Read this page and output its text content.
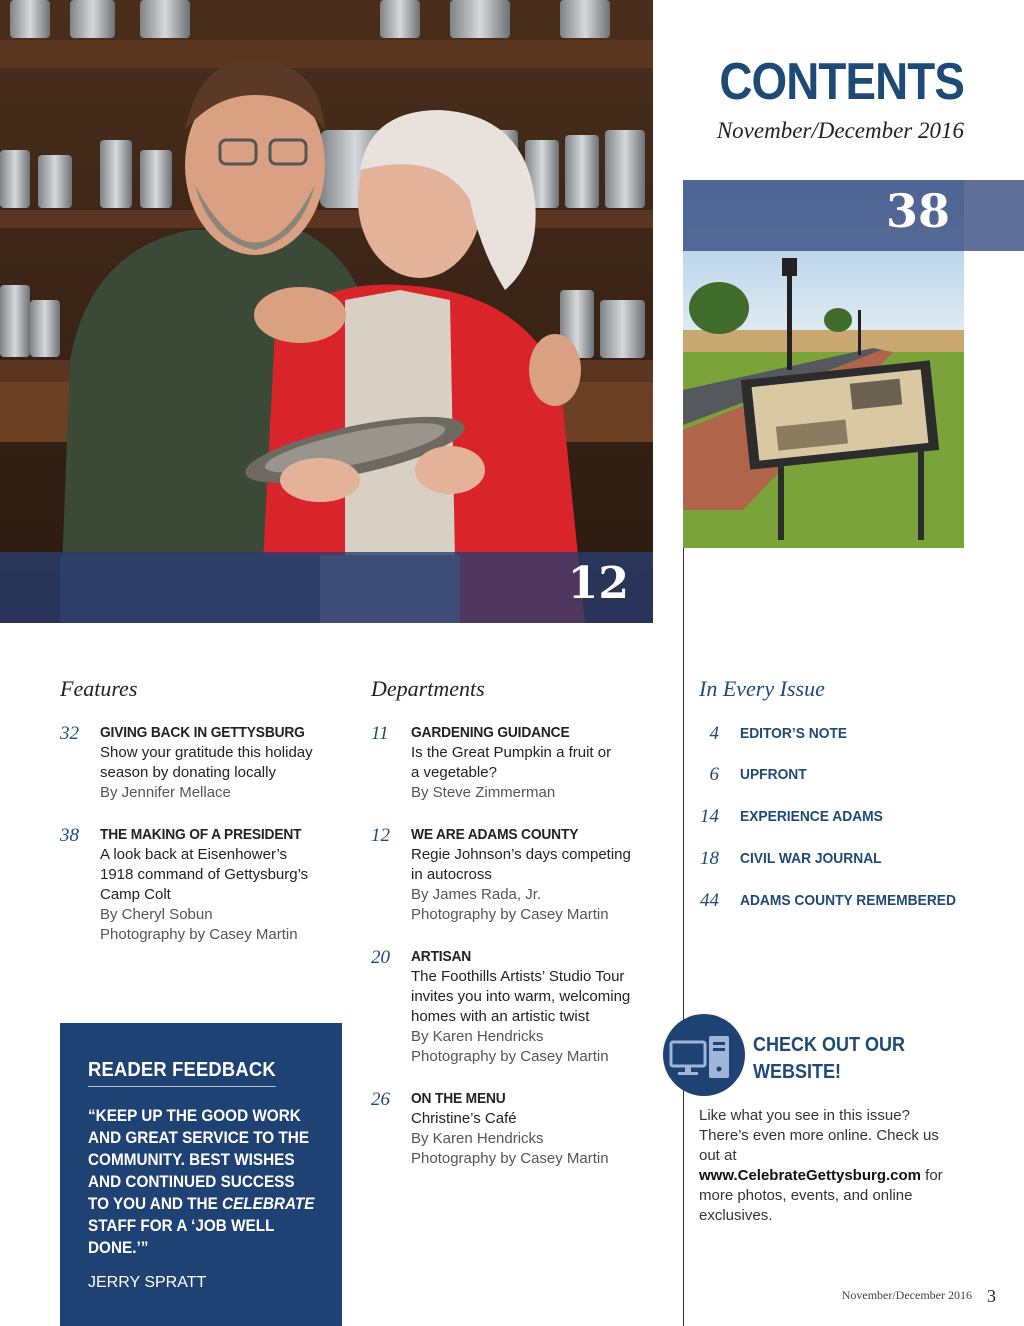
12
CONTENTS
November/December 2016
38
Features
32 GIVING BACK IN GETTYSBURG
Show your gratitude this holiday
season by donating locally
By Jennifer Mellace
38 THE MAKING OF A PRESIDENT
A look back at Eisenhower’s
1918 command of Gettysburg’s
Camp Colt
By Cheryl Sobun
Photography by Casey Martin
Departments
11 GARDENING GUIDANCE
Is the Great Pumpkin a fruit or
a vegetable?
By Steve Zimmerman
12 WE ARE ADAMS COUNTY
Regie Johnson’s days competing
in autocross
By James Rada, Jr.
Photography by Casey Martin
20 ARTISAN
The Foothills Artists’ Studio Tour
invites you into warm, welcoming
homes with an artistic twist
By Karen Hendricks
Photography by Casey Martin
26 ON THE MENU
Christine’s Café
By Karen Hendricks
Photography by Casey Martin
In Every Issue
4 EDITOR’S NOTE
6 UPFRONT
14 EXPERIENCE ADAMS
18 CIVIL WAR JOURNAL
44 ADAMS COUNTY REMEMBERED
READER FEEDBACK
“KEEP UP THE GOOD WORK AND GREAT SERVICE TO THE COMMUNITY. BEST WISHES AND CONTINUED SUCCESS TO YOU AND THE CELEBRATE STAFF FOR A ‘JOB WELL DONE.’”
JERRY SPRATT
CHECK OUT OUR
WEBSITE!
Like what you see in this issue? There’s even more online. Check us out at www.CelebrateGettysburg.com for more photos, events, and online exclusives.
November/December 2016 3
